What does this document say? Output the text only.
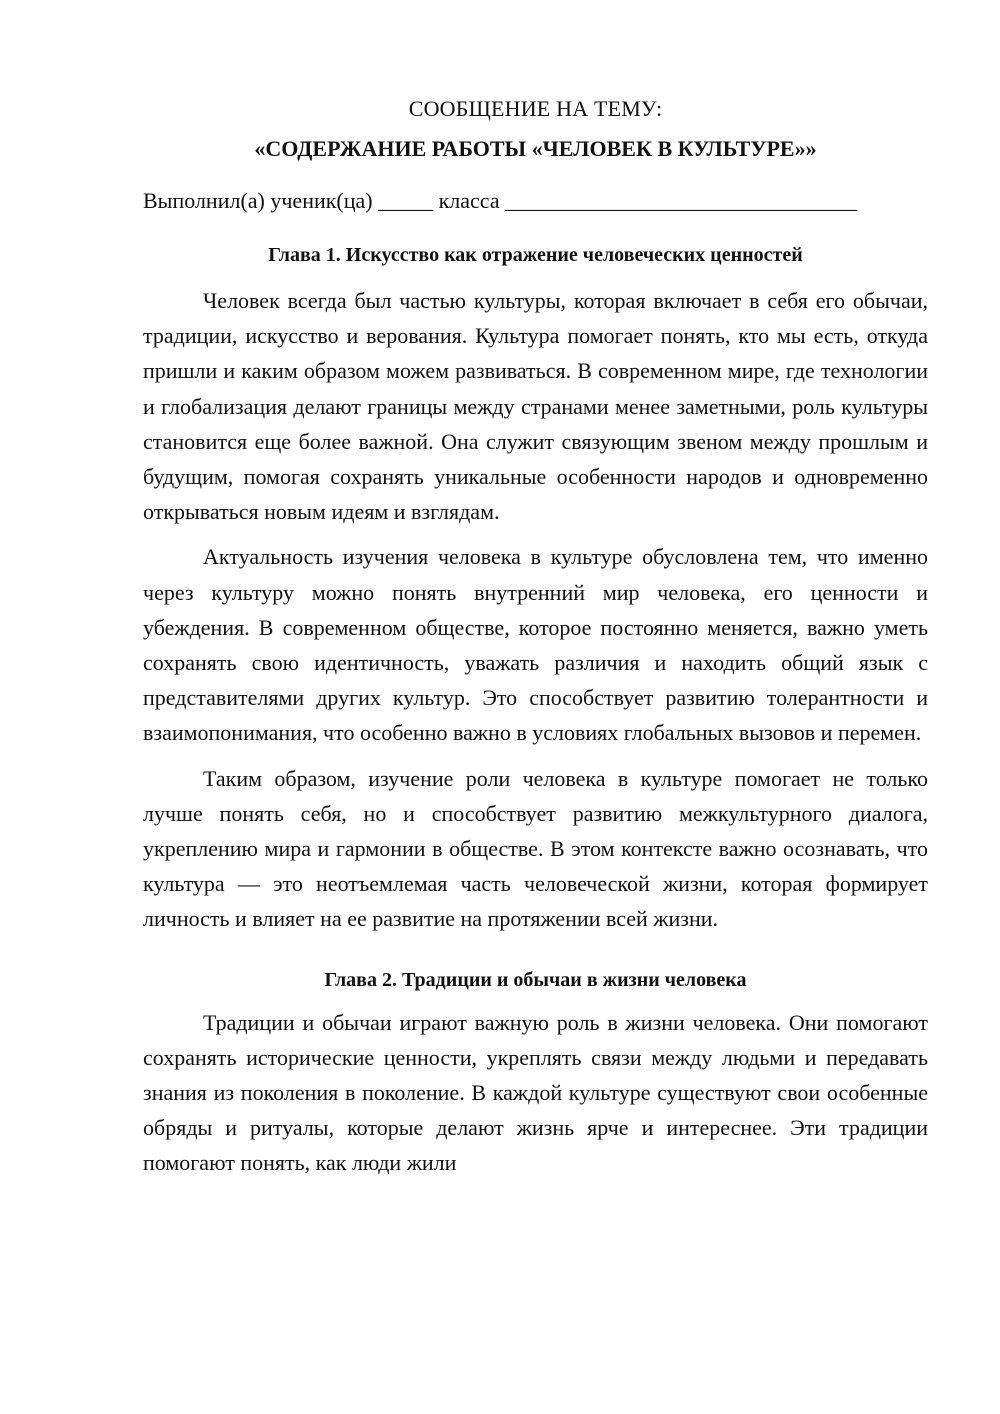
СООБЩЕНИЕ НА ТЕМУ:

«СОДЕРЖАНИЕ РАБОТЫ «ЧЕЛОВЕК В КУЛЬТУРЕ»»

Выполнил(а) ученик(ца) _____ класса ________________________________

Глава 1. Искусство как отражение человеческих ценностей

Человек всегда был частью культуры, которая включает в себя его обычаи, традиции, искусство и верования. Культура помогает понять, кто мы есть, откуда пришли и каким образом можем развиваться. В современном мире, где технологии и глобализация делают границы между странами менее заметными, роль культуры становится еще более важной. Она служит связующим звеном между прошлым и будущим, помогая сохранять уникальные особенности народов и одновременно открываться новым идеям и взглядам.

Актуальность изучения человека в культуре обусловлена тем, что именно через культуру можно понять внутренний мир человека, его ценности и убеждения. В современном обществе, которое постоянно меняется, важно уметь сохранять свою идентичность, уважать различия и находить общий язык с представителями других культур. Это способствует развитию толерантности и взаимопонимания, что особенно важно в условиях глобальных вызовов и перемен.

Таким образом, изучение роли человека в культуре помогает не только лучше понять себя, но и способствует развитию межкультурного диалога, укреплению мира и гармонии в обществе. В этом контексте важно осознавать, что культура — это неотъемлемая часть человеческой жизни, которая формирует личность и влияет на ее развитие на протяжении всей жизни.

Глава 2. Традиции и обычаи в жизни человека

Традиции и обычаи играют важную роль в жизни человека. Они помогают сохранять исторические ценности, укреплять связи между людьми и передавать знания из поколения в поколение. В каждой культуре существуют свои особенные обряды и ритуалы, которые делают жизнь ярче и интереснее. Эти традиции помогают понять, как люди жили
